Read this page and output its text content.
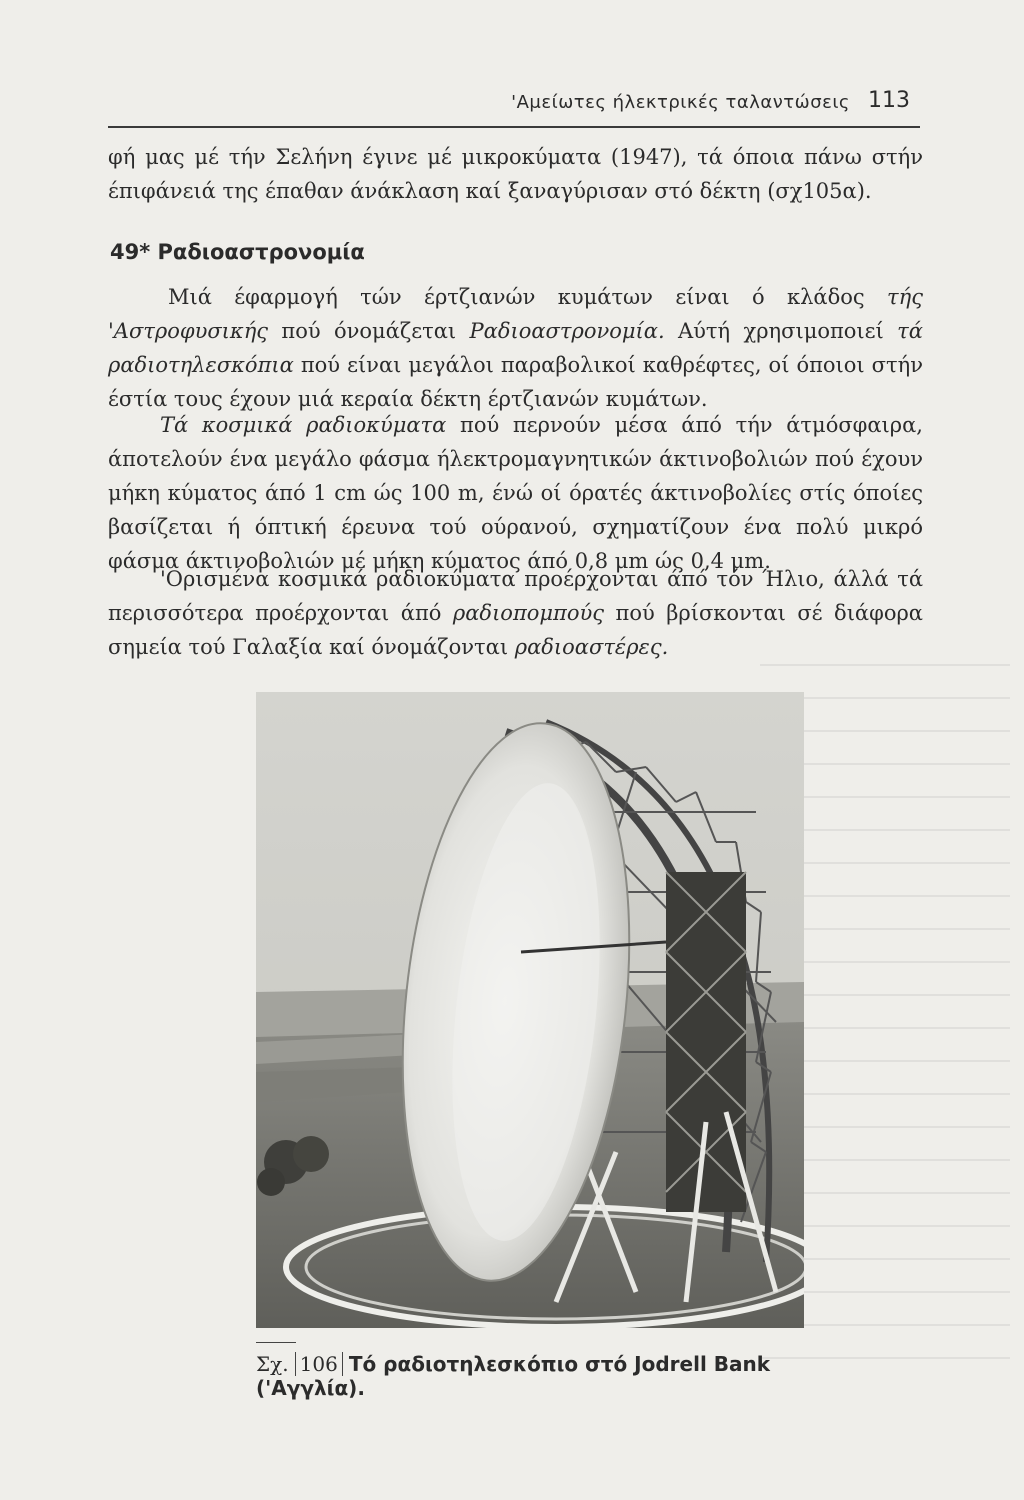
'Αμείωτες ήλεκτρικές ταλαντώσεις 113
φή μας μέ τήν Σελήνη έγινε μέ μικροκύματα (1947), τά όποια πάνω στήν έπιφάνειά της έπαθαν άνάκλαση καί ξαναγύρισαν στό δέκτη (σχ105α).
49* Ραδιοαστρονομία
Μιά έφαρμογή τών έρτζιανών κυμάτων είναι ό κλάδος τής 'Αστροφυσικής πού όνομάζεται Ραδιοαστρονομία. Αύτή χρησιμοποιεί τά ραδιοτηλεσκόπια πού είναι μεγάλοι παραβολικοί καθρέφτες, οί όποιοι στήν έστία τους έχουν μιά κεραία δέκτη έρτζιανών κυμάτων.
Τά κοσμικά ραδιοκύματα πού περνούν μέσα άπό τήν άτμόσφαιρα, άποτελούν ένα μεγάλο φάσμα ήλεκτρομαγνητικών άκτινοβολιών πού έχουν μήκη κύματος άπό 1 cm ώς 100 m, ένώ οί όρατές άκτινοβολίες στίς όποίες βασίζεται ή όπτική έρευνα τού ούρανού, σχηματίζουν ένα πολύ μικρό φάσμα άκτινοβολιών μέ μήκη κύματος άπό 0,8 μm ώς 0,4 μm.
'Ορισμένα κοσμικά ραδιοκύματα προέρχονται άπό τόν Ήλιο, άλλά τά περισσότερα προέρχονται άπό ραδιοπομπούς πού βρίσκονται σέ διάφορα σημεία τού Γαλαξία καί όνομάζονται ραδιοαστέρες.
Σχ. 106 Τό ραδιοτηλεσκόπιο στό Jodrell Bank ('Αγγλία).
